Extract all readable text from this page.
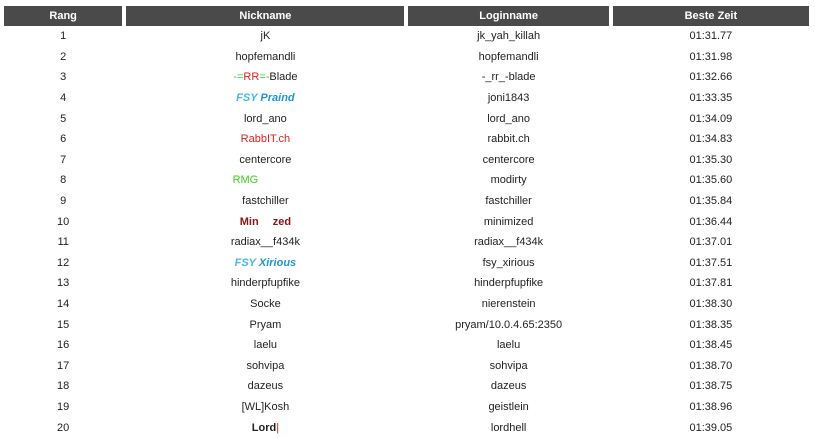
Rang	Nickname	Loginname	Beste Zeit
1	jK	jk_yah_killah	01:31.77
2	hopfemandli	hopfemandli	01:31.98
3	-=RR=-Blade	-_rr_-blade	01:32.66
4	FSY Praind	joni1843	01:33.35
5	lord_ano	lord_ano	01:34.09
6	RabbIT.ch	rabbit.ch	01:34.83
7	centercore	centercore	01:35.30
8	RMG	modirty	01:35.60
9	fastchiller	fastchiller	01:35.84
10	Min zed	minimized	01:36.44
11	radiax__f434k	radiax__f434k	01:37.01
12	FSY Xirious	fsy_xirious	01:37.51
13	hinderpfupfike	hinderpfupfike	01:37.81
14	Socke	nierenstein	01:38.30
15	Pryam	pryam/10.0.4.65:2350	01:38.35
16	laelu	laelu	01:38.45
17	sohvipa	sohvipa	01:38.70
18	dazeus	dazeus	01:38.75
19	[WL]Kosh	geistlein	01:38.96
20	Lord|	lordhell	01:39.05
